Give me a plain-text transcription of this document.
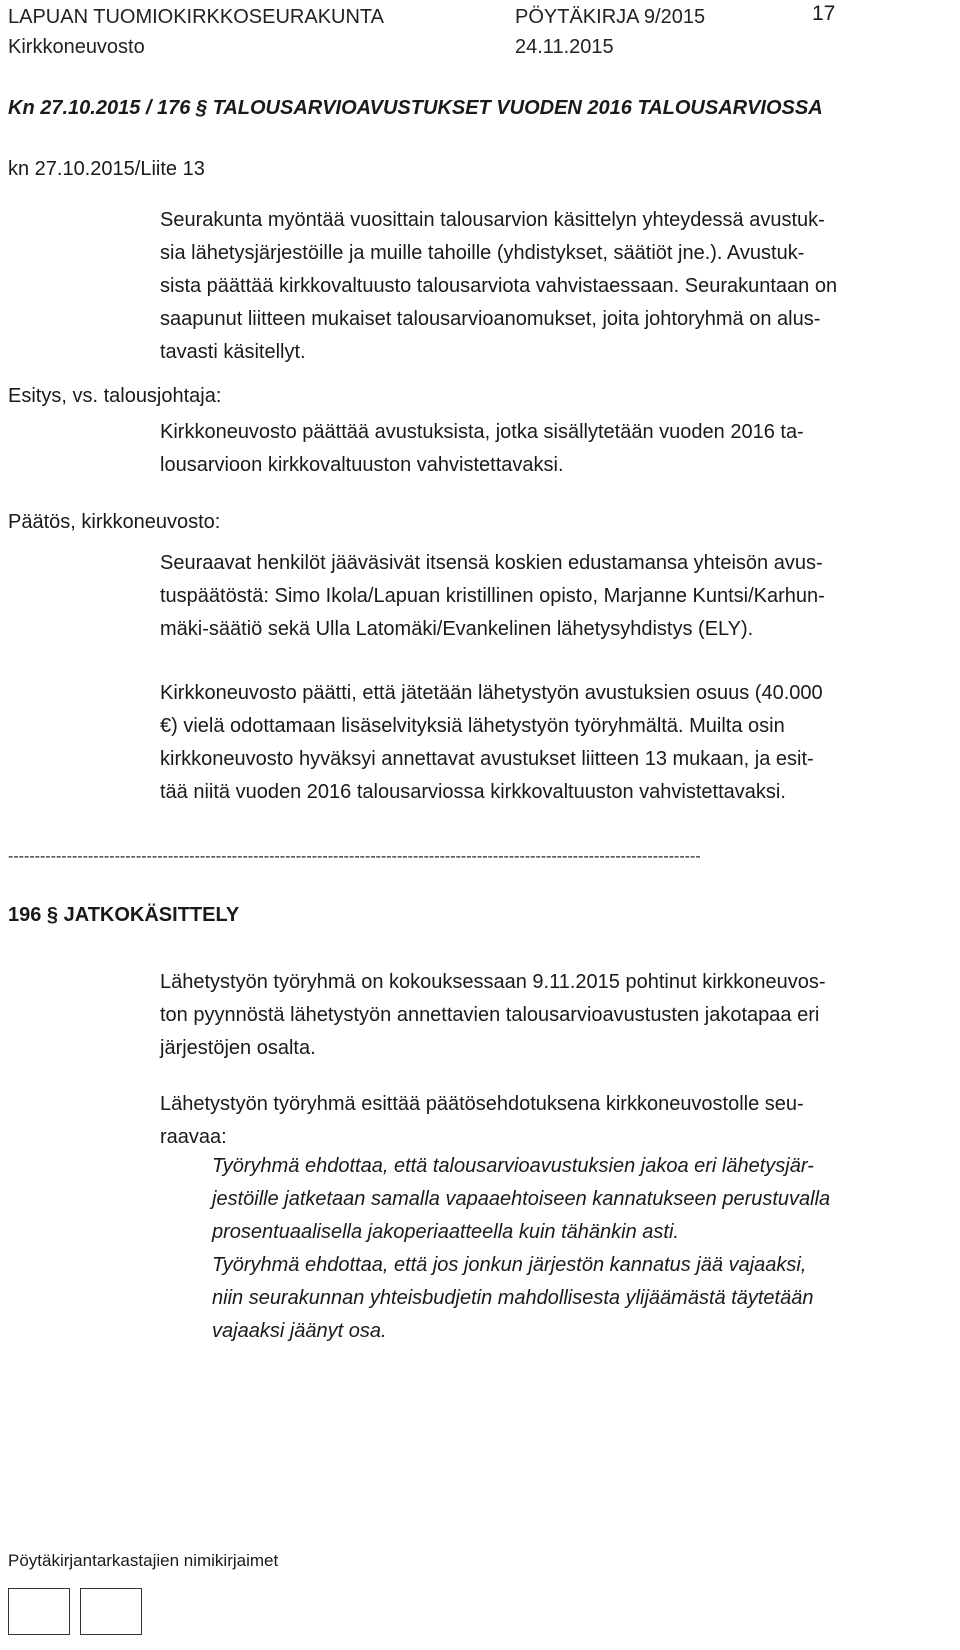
LAPUAN TUOMIOKIRKKOSEURAKUNTA	PÖYTÄKIRJA 9/2015	17
Kirkkoneuvosto	24.11.2015
Kn 27.10.2015 / 176 § TALOUSARVIOAVUSTUKSET VUODEN 2016 TALOUSARVIOSSA
kn 27.10.2015/Liite 13
Seurakunta myöntää vuosittain talousarvion käsittelyn yhteydessä avustuk-
sia lähetysjärjestöille ja muille tahoille (yhdistykset, säätiöt jne.). Avustuk-
sista päättää kirkkovaltuusto talousarviota vahvistaessaan. Seurakuntaan on
saapunut liitteen mukaiset talousarvioanomukset, joita johtoryhmä on alus-
tavasti käsitellyt.
Esitys, vs. talousjohtaja:
Kirkkoneuvosto päättää avustuksista, jotka sisällytetään vuoden 2016 ta-
lousarvioon kirkkovaltuuston vahvistettavaksi.
Päätös, kirkkoneuvosto:
Seuraavat henkilöt jääväsivät itsensä koskien edustamansa yhteisön avus-
tuspäätöstä: Simo Ikola/Lapuan kristillinen opisto, Marjanne Kuntsi/Karhun-
mäki-säätiö sekä Ulla Latomäki/Evankelinen lähetysyhdistys (ELY).
Kirkkoneuvosto päätti, että jätetään lähetystyön avustuksien osuus (40.000
€) vielä odottamaan lisäselvityksiä lähetystyön työryhmältä. Muilta osin
kirkkoneuvosto hyväksyi annettavat avustukset liitteen 13 mukaan, ja esit-
tää niitä vuoden 2016 talousarviossa kirkkovaltuuston vahvistettavaksi.
----------------------------------------------------------------------------------------------------------------------------------
196 § JATKOKÄSITTELY
Lähetystyön työryhmä on kokouksessaan 9.11.2015 pohtinut kirkkoneuvos-
ton pyynnöstä lähetystyön annettavien talousarvioavustusten jakotapaa eri
järjestöjen osalta.
Lähetystyön työryhmä esittää päätösehdotuksena kirkkoneuvostolle seu-
raavaa:
Työryhmä ehdottaa, että talousarvioavustuksien jakoa eri lähetysjär-
jestöille jatketaan samalla vapaaehtoiseen kannatukseen perustuvalla
prosentuaalisella jakoperiaatteella kuin tähänkin asti.
Työryhmä ehdottaa, että jos jonkun järjestön kannatus jää vajaaksi,
niin seurakunnan yhteisbudjetin mahdollisesta ylijäämästä täytetään
vajaaksi jäänyt osa.
Pöytäkirjantarkastajien nimikirjaimet
